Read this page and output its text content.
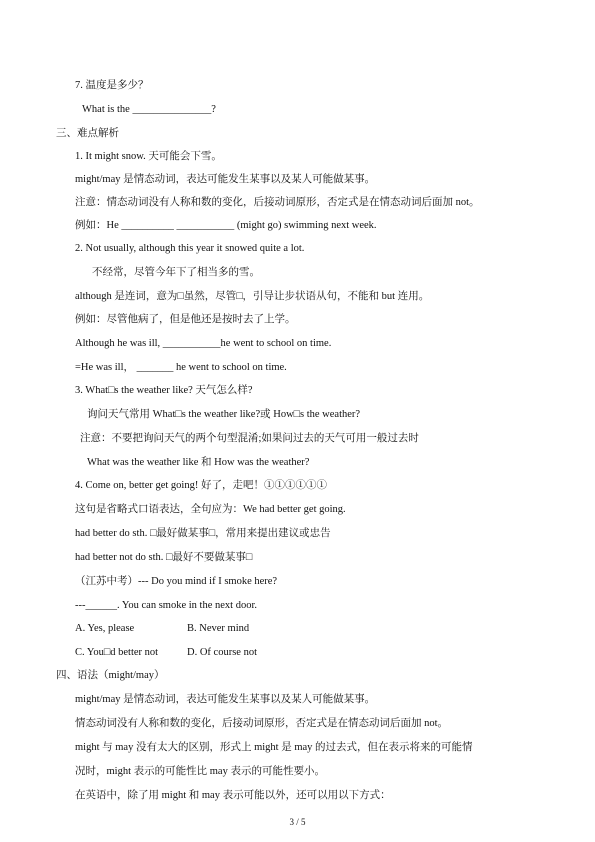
7. 温度是多少？
What is the _______________?
三、难点解析
1. It might snow. 天可能会下雪。
might/may 是情态动词，表达可能发生某事以及某人可能做某事。
注意：情态动词没有人称和数的变化，后接动词原形，否定式是在情态动词后面加 not。
例如：He __________ ___________ (might go) swimming next week.
2. Not usually, although this year it snowed quite a lot.
不经常，尽管今年下了相当多的雪。
although 是连词，意为□虽然，尽管□，引导让步状语从句，不能和 but 连用。
例如：尽管他病了，但是他还是按时去了上学。
Although he was ill, ___________he went to school on time.
=He was ill， _______ he went to school on time.
3. What□s the weather like? 天气怎么样?
询问天气常用 What□s the weather like?或 How□s the weather?
注意：不要把询问天气的两个句型混淆;如果问过去的天气可用一般过去时
What was the weather like 和 How was the weather?
4. Come on, better get going! 好了，走吧！①①①①①①
这句是省略式口语表达，全句应为：We had better get going.
had better do sth. □最好做某事□，常用来提出建议或忠告
had better not do sth. □最好不要做某事□
（江苏中考）--- Do you mind if I smoke here?
---______. You can smoke in the next door.
A. Yes, please	B. Never mind
C. You□d better not	D. Of course not
四、语法（might/may）
might/may 是情态动词，表达可能发生某事以及某人可能做某事。
情态动词没有人称和数的变化，后接动词原形，否定式是在情态动词后面加 not。
might 与 may 没有太大的区别，形式上 might 是 may 的过去式，但在表示将来的可能情
况时，might 表示的可能性比 may 表示的可能性要小。
在英语中，除了用 might 和 may 表示可能以外，还可以用以下方式：
3 / 5
